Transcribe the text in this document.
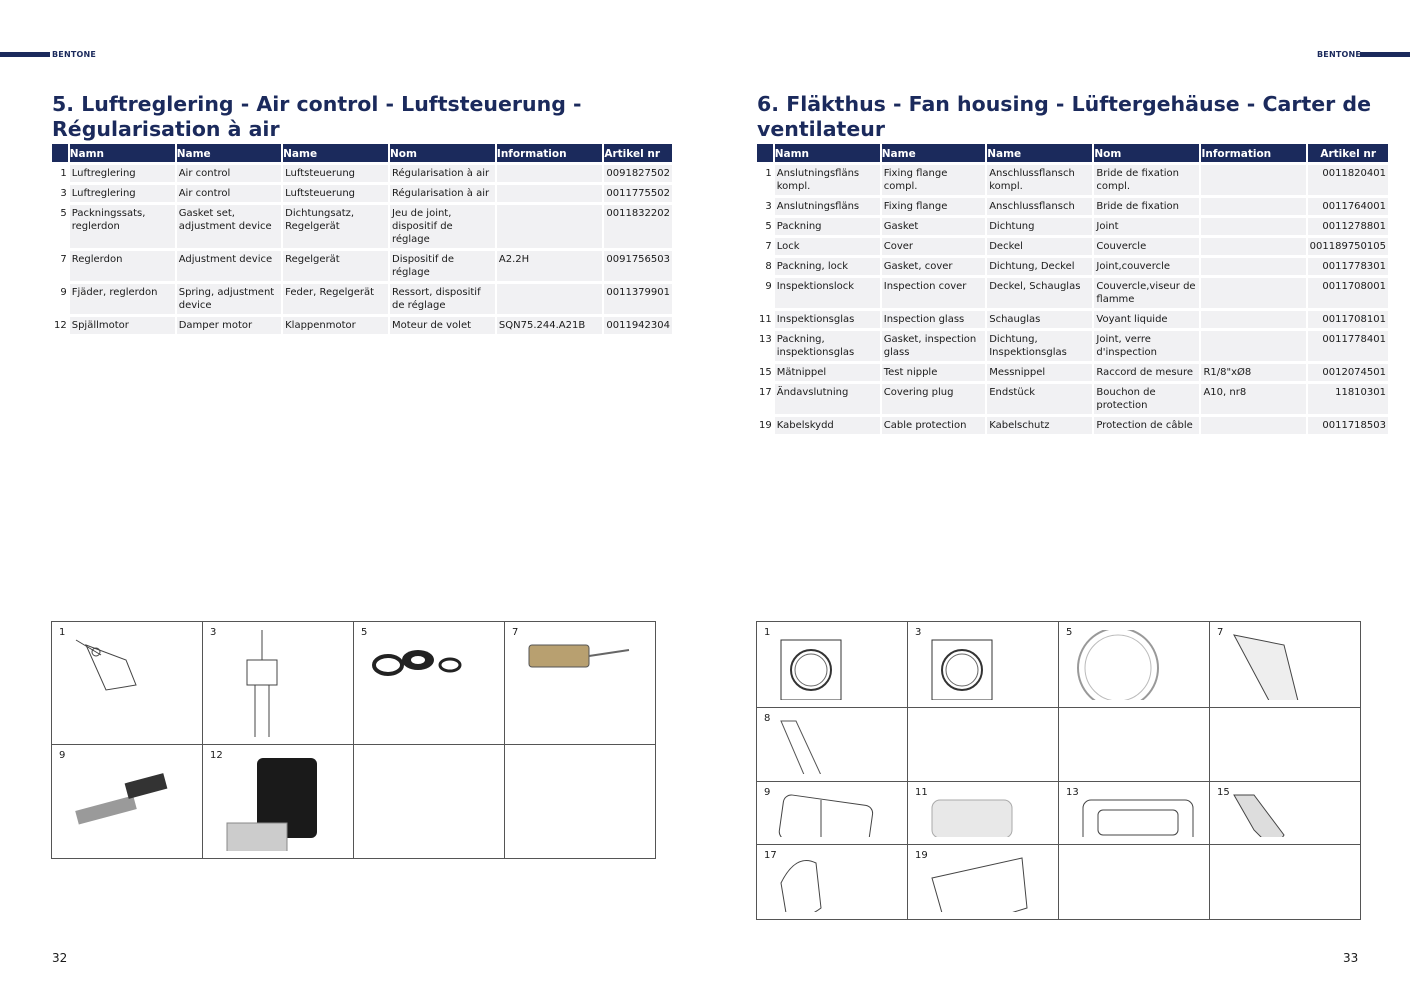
BENTONE	BENTONE
5. Luftreglering - Air control - Luftsteuerung - Régularisation à air
	Namn	Name	Name	Nom	Information	Artikel nr
1	Luftreglering	Air control	Luftsteuerung	Régularisation à air		0091827502
3	Luftreglering	Air control	Luftsteuerung	Régularisation à air		0011775502
5	Packningssats, reglerdon	Gasket set, adjustment device	Dichtungsatz, Regelgerät	Jeu de joint, dispositif de réglage		0011832202
7	Reglerdon	Adjustment device	Regelgerät	Dispositif de réglage	A2.2H	0091756503
9	Fjäder, reglerdon	Spring, adjustment device	Feder, Regelgerät	Ressort, dispositif de réglage		0011379901
12	Spjällmotor	Damper motor	Klappenmotor	Moteur de volet	SQN75.244.A21B	0011942304
1	3	5	7
9	12
32
6. Fläkthus - Fan housing - Lüftergehäuse - Carter de ventilateur
	Namn	Name	Name	Nom	Information	Artikel nr
1	Anslutningsfläns kompl.	Fixing flange compl.	Anschlussflansch kompl.	Bride de fixation compl.		0011820401
3	Anslutningsfläns	Fixing flange	Anschlussflansch	Bride de fixation		0011764001
5	Packning	Gasket	Dichtung	Joint		0011278801
7	Lock	Cover	Deckel	Couvercle		001189750105
8	Packning, lock	Gasket, cover	Dichtung, Deckel	Joint,couvercle		0011778301
9	Inspektionslock	Inspection cover	Deckel, Schauglas	Couvercle,viseur de flamme		0011708001
11	Inspektionsglas	Inspection glass	Schauglas	Voyant liquide		0011708101
13	Packning, inspektionsglas	Gasket, inspection glass	Dichtung, Inspektionsglas	Joint, verre d'inspection		0011778401
15	Mätnippel	Test nipple	Messnippel	Raccord de mesure	R1/8"xØ8	0012074501
17	Ändavslutning	Covering plug	Endstück	Bouchon de protection	A10, nr8	11810301
19	Kabelskydd	Cable protection	Kabelschutz	Protection de câble		0011718503
1	3	5	7
8
9	11	13	15
17	19
33
